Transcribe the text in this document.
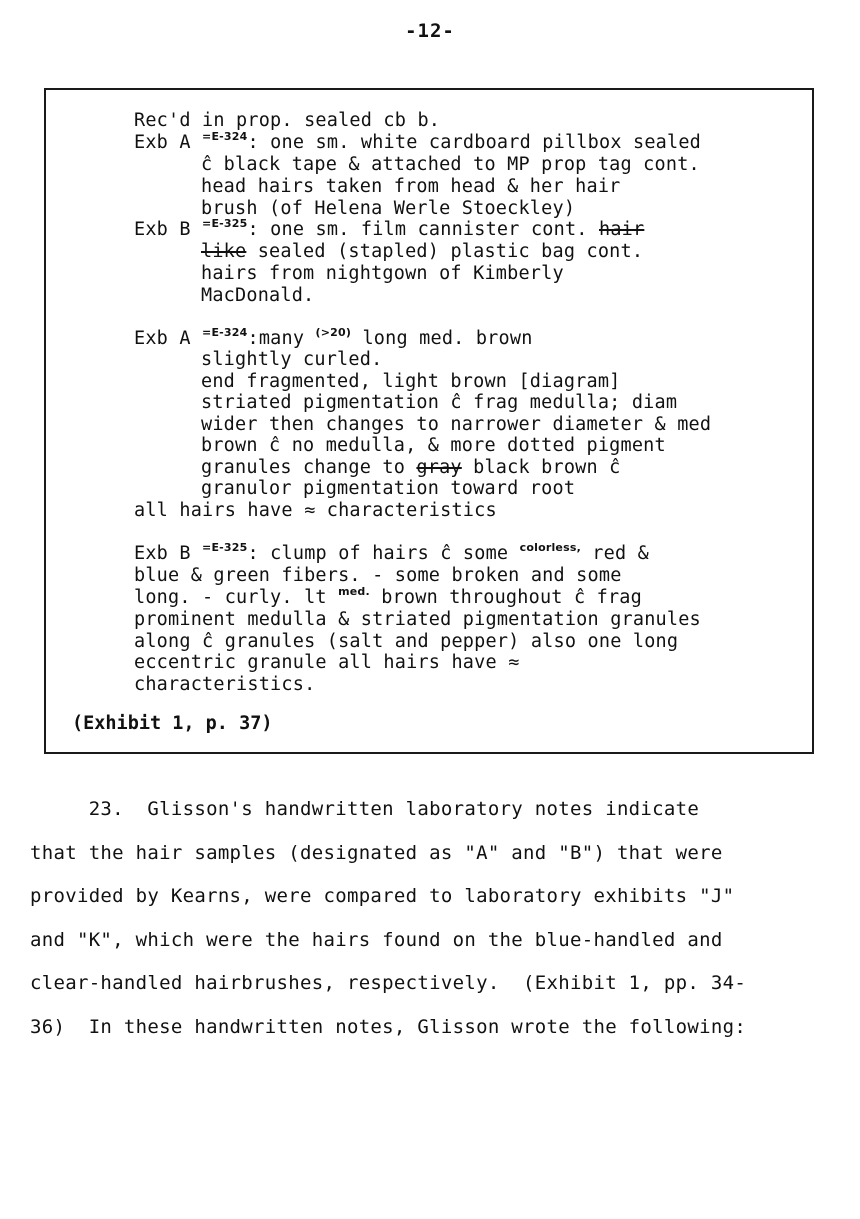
-12-
Rec'd in prop. sealed cb b.
Exb A $^{=E-324}$: one sm. white cardboard pillbox sealed
ĉ black tape & attached to MP prop tag cont.
head hairs taken from head & her hair
brush (of Helena Werle Stoeckley)
Exb B $^{=E-325}$: one sm. film cannister cont. hair
like sealed (stapled) plastic bag cont.
hairs from nightgown of Kimberly
MacDonald.
Exb A $^{=E-324}$:many $^{(>20)}$ long med. brown
slightly curled.
end fragmented, light brown [diagram]
striated pigmentation ĉ frag medulla; diam
wider then changes to narrower diameter & med
brown ĉ no medulla, & more dotted pigment
granules change to gray black brown ĉ
granulor pigmentation toward root
all hairs have ≈ characteristics
Exb B $^{=E-325}$: clump of hairs ĉ some $^{colorless,}$ red &
blue & green fibers. - some broken and some
long. - curly. lt $^{med.}$ brown throughout ĉ frag
prominent medulla & striated pigmentation granules
along ĉ granules (salt and pepper) also one long
eccentric granule all hairs have ≈
characteristics.
(Exhibit 1, p. 37)

23.  Glisson's handwritten laboratory notes indicate

that the hair samples (designated as "A" and "B") that were

provided by Kearns, were compared to laboratory exhibits "J"

and "K", which were the hairs found on the blue-handled and

clear-handled hairbrushes, respectively.  (Exhibit 1, pp. 34-

36)  In these handwritten notes, Glisson wrote the following:
